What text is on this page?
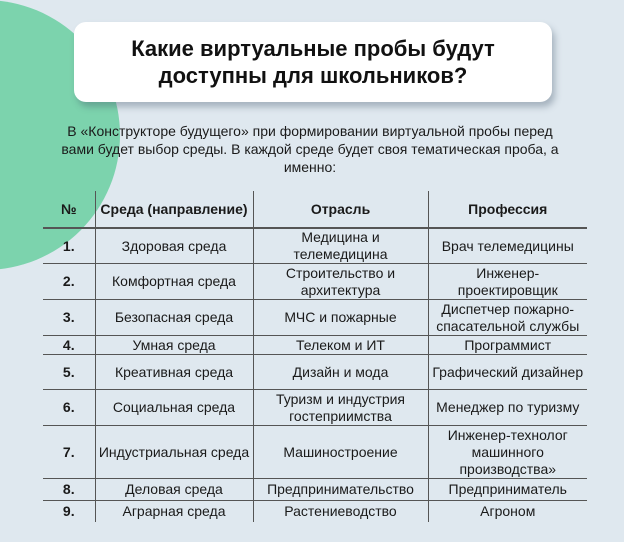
Какие виртуальные пробы будут доступны для школьников?
В «Конструкторе будущего» при формировании виртуальной пробы перед вами будет выбор среды. В каждой среде будет своя тематическая проба, а именно:
№	Среда (направление)	Отрасль	Профессия
1.	Здоровая среда	Медицина и телемедицина	Врач телемедицины
2.	Комфортная среда	Строительство и архитектура	Инженер-проектировщик
3.	Безопасная среда	МЧС и пожарные	Диспетчер пожарно-спасательной службы
4.	Умная среда	Телеком и ИТ	Программист
5.	Креативная среда	Дизайн и мода	Графический дизайнер
6.	Социальная среда	Туризм и индустрия гостеприимства	Менеджер по туризму
7.	Индустриальная среда	Машиностроение	Инженер-технолог машинного производства»
8.	Деловая среда	Предпринимательство	Предприниматель
9.	Аграрная среда	Растениеводство	Агроном
